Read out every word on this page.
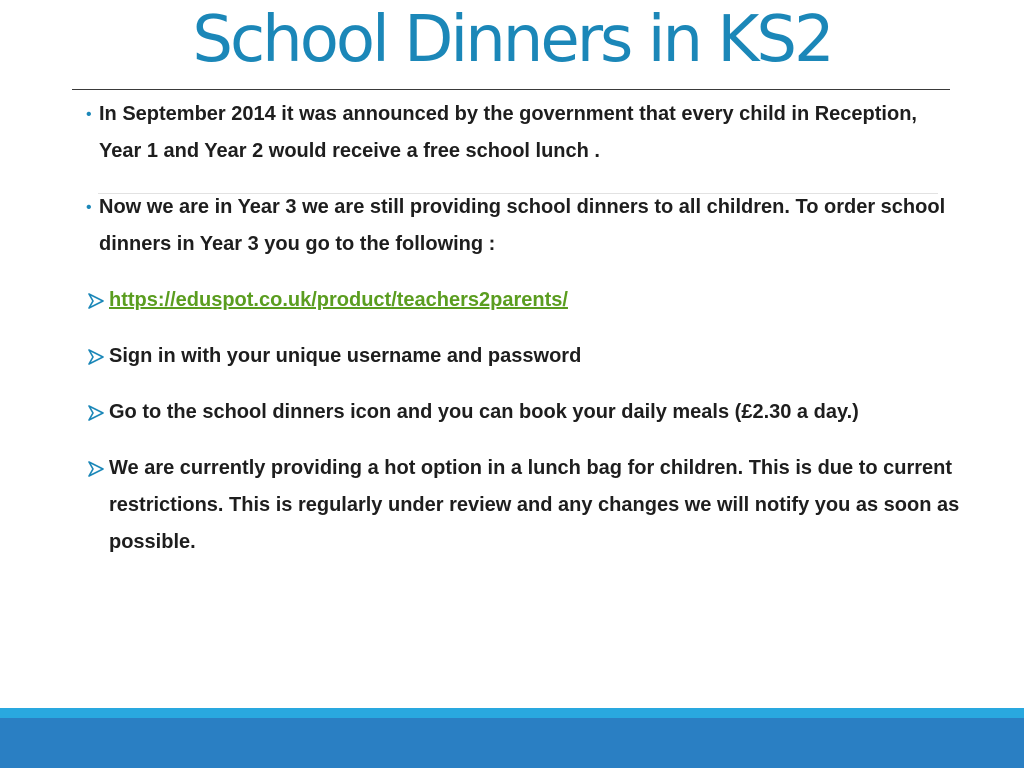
School Dinners in KS2
• In September 2014 it was announced by the government that every child in Reception, Year 1 and Year 2 would receive a free school lunch .
• Now we are in Year 3 we are still providing school dinners to all children. To order school dinners in Year 3 you go to the following :
https://eduspot.co.uk/product/teachers2parents/
Sign in with your unique username and password
Go to the school dinners icon and you can book your daily meals (£2.30 a day.)
We are currently providing a hot option in a lunch bag for children. This is due to current restrictions. This is regularly under review and any changes we will notify you as soon as possible.
